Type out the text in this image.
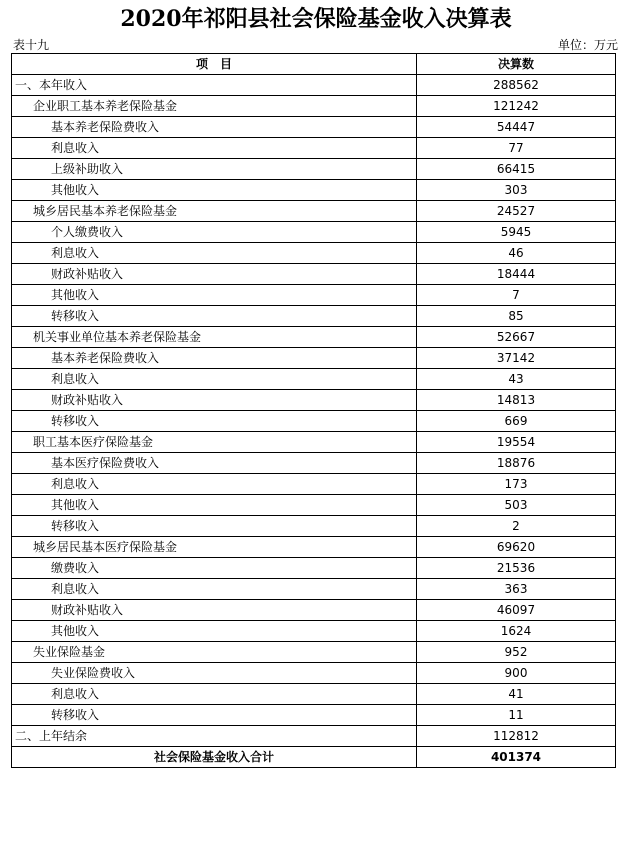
2020年祁阳县社会保险基金收入决算表
表十九	单位：万元
项　目	决算数
一、本年收入	288562
企业职工基本养老保险基金	121242
基本养老保险费收入	54447
利息收入	77
上级补助收入	66415
其他收入	303
城乡居民基本养老保险基金	24527
个人缴费收入	5945
利息收入	46
财政补贴收入	18444
其他收入	7
转移收入	85
机关事业单位基本养老保险基金	52667
基本养老保险费收入	37142
利息收入	43
财政补贴收入	14813
转移收入	669
职工基本医疗保险基金	19554
基本医疗保险费收入	18876
利息收入	173
其他收入	503
转移收入	2
城乡居民基本医疗保险基金	69620
缴费收入	21536
利息收入	363
财政补贴收入	46097
其他收入	1624
失业保险基金	952
失业保险费收入	900
利息收入	41
转移收入	11
二、上年结余	112812
社会保险基金收入合计	401374
